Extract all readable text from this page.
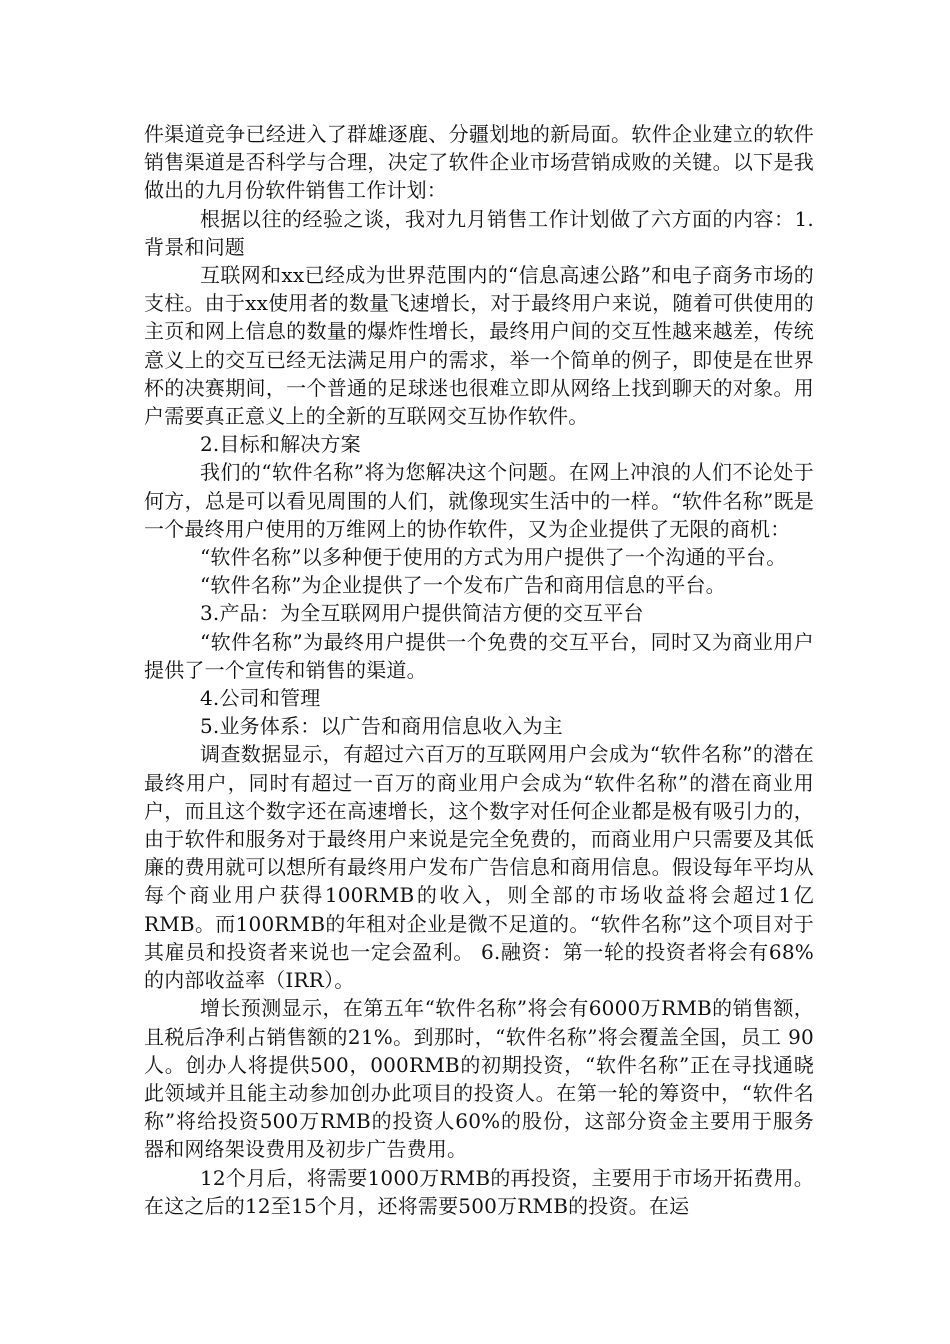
件渠道竞争已经进入了群雄逐鹿、分疆划地的新局面。软件企业建立的软件销售渠道是否科学与合理，决定了软件企业市场营销成败的关键。以下是我做出的九月份软件销售工作计划：

根据以往的经验之谈，我对九月销售工作计划做了六方面的内容：1.背景和问题

互联网和xx已经成为世界范围内的“信息高速公路”和电子商务市场的支柱。由于xx使用者的数量飞速增长，对于最终用户来说，随着可供使用的主页和网上信息的数量的爆炸性增长，最终用户间的交互性越来越差，传统意义上的交互已经无法满足用户的需求，举一个简单的例子，即使是在世界杯的决赛期间，一个普通的足球迷也很难立即从网络上找到聊天的对象。用户需要真正意义上的全新的互联网交互协作软件。

2.目标和解决方案

我们的“软件名称”将为您解决这个问题。在网上冲浪的人们不论处于何方，总是可以看见周围的人们，就像现实生活中的一样。“软件名称”既是一个最终用户使用的万维网上的协作软件，又为企业提供了无限的商机：

“软件名称”以多种便于使用的方式为用户提供了一个沟通的平台。

“软件名称”为企业提供了一个发布广告和商用信息的平台。

3.产品：为全互联网用户提供简洁方便的交互平台

“软件名称”为最终用户提供一个免费的交互平台，同时又为商业用户提供了一个宣传和销售的渠道。

4.公司和管理

5.业务体系：以广告和商用信息收入为主

调查数据显示，有超过六百万的互联网用户会成为“软件名称”的潜在最终用户，同时有超过一百万的商业用户会成为“软件名称”的潜在商业用户，而且这个数字还在高速增长，这个数字对任何企业都是极有吸引力的，由于软件和服务对于最终用户来说是完全免费的，而商业用户只需要及其低廉的费用就可以想所有最终用户发布广告信息和商用信息。假设每年平均从每个商业用户获得100RMB的收入，则全部的市场收益将会超过1亿RMB。而100RMB的年租对企业是微不足道的。“软件名称”这个项目对于其雇员和投资者来说也一定会盈利。 6.融资：第一轮的投资者将会有68%的内部收益率（IRR）。

增长预测显示，在第五年“软件名称”将会有6000万RMB的销售额，且税后净利占销售额的21%。到那时，“软件名称”将会覆盖全国，员工 90人。创办人将提供500，000RMB的初期投资，“软件名称”正在寻找通晓此领域并且能主动参加创办此项目的投资人。在第一轮的筹资中，“软件名称”将给投资500万RMB的投资人60%的股份，这部分资金主要用于服务器和网络架设费用及初步广告费用。

12个月后，将需要1000万RMB的再投资，主要用于市场开拓费用。在这之后的12至15个月，还将需要500万RMB的投资。在运
